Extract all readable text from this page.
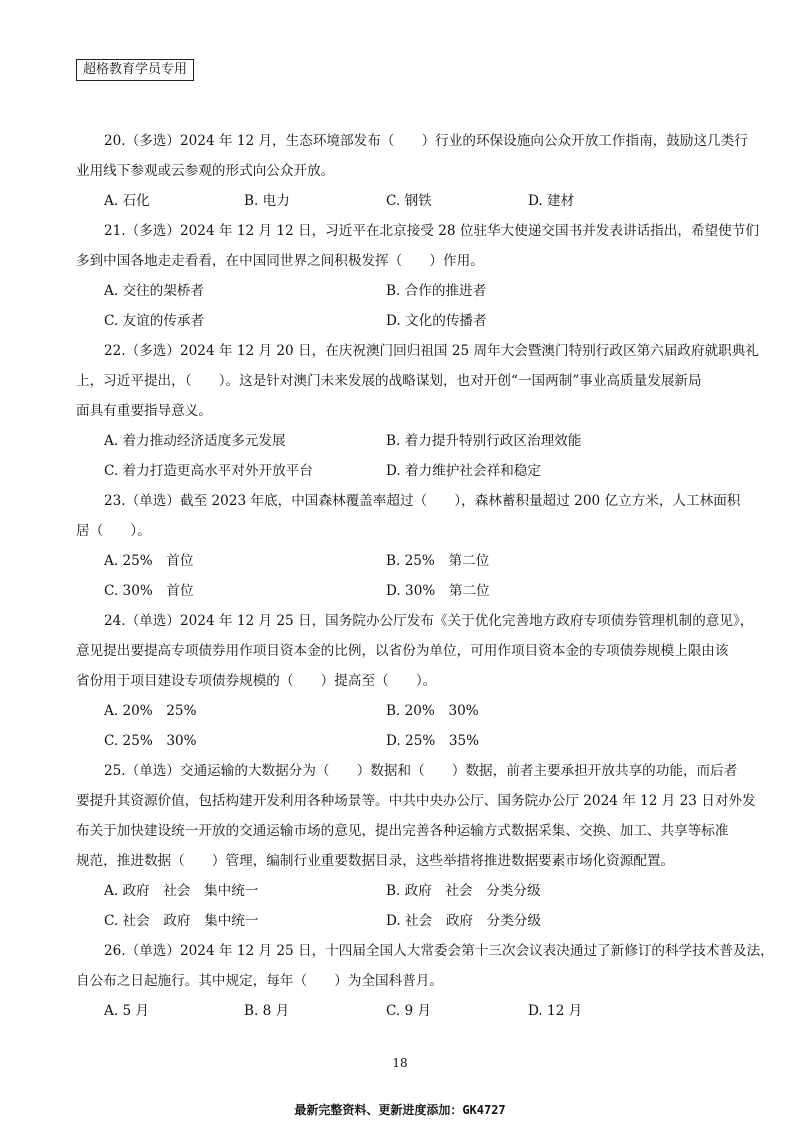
超格教育学员专用
20.（多选）2024 年 12 月，生态环境部发布（　　）行业的环保设施向公众开放工作指南，鼓励这几类行
业用线下参观或云参观的形式向公众开放。
A. 石化	B. 电力	C. 钢铁	D. 建材
21.（多选）2024 年 12 月 12 日，习近平在北京接受 28 位驻华大使递交国书并发表讲话指出，希望使节们
多到中国各地走走看看，在中国同世界之间积极发挥（　　）作用。
A. 交往的架桥者	B. 合作的推进者
C. 友谊的传承者	D. 文化的传播者
22.（多选）2024 年 12 月 20 日，在庆祝澳门回归祖国 25 周年大会暨澳门特别行政区第六届政府就职典礼
上，习近平提出，（　　）。这是针对澳门未来发展的战略谋划，也对开创“一国两制”事业高质量发展新局
面具有重要指导意义。
A. 着力推动经济适度多元发展	B. 着力提升特别行政区治理效能
C. 着力打造更高水平对外开放平台	D. 着力维护社会祥和稳定
23.（单选）截至 2023 年底，中国森林覆盖率超过（　　），森林蓄积量超过 200 亿立方米，人工林面积
居（　　）。
A. 25%　首位	B. 25%　第二位
C. 30%　首位	D. 30%　第二位
24.（单选）2024 年 12 月 25 日，国务院办公厅发布《关于优化完善地方政府专项债券管理机制的意见》，
意见提出要提高专项债券用作项目资本金的比例，以省份为单位，可用作项目资本金的专项债券规模上限由该
省份用于项目建设专项债券规模的（　　）提高至（　　）。
A. 20%　25%	B. 20%　30%
C. 25%　30%	D. 25%　35%
25.（单选）交通运输的大数据分为（　　）数据和（　　）数据，前者主要承担开放共享的功能，而后者
要提升其资源价值，包括构建开发利用各种场景等。中共中央办公厅、国务院办公厅 2024 年 12 月 23 日对外发
布关于加快建设统一开放的交通运输市场的意见，提出完善各种运输方式数据采集、交换、加工、共享等标准
规范，推进数据（　　）管理，编制行业重要数据目录，这些举措将推进数据要素市场化资源配置。
A. 政府　社会　集中统一	B. 政府　社会　分类分级
C. 社会　政府　集中统一	D. 社会　政府　分类分级
26.（单选）2024 年 12 月 25 日，十四届全国人大常委会第十三次会议表决通过了新修订的科学技术普及法，
自公布之日起施行。其中规定，每年（　　）为全国科普月。
A. 5 月	B. 8 月	C. 9 月	D. 12 月
18
最新完整资料、更新进度添加：GK4727
